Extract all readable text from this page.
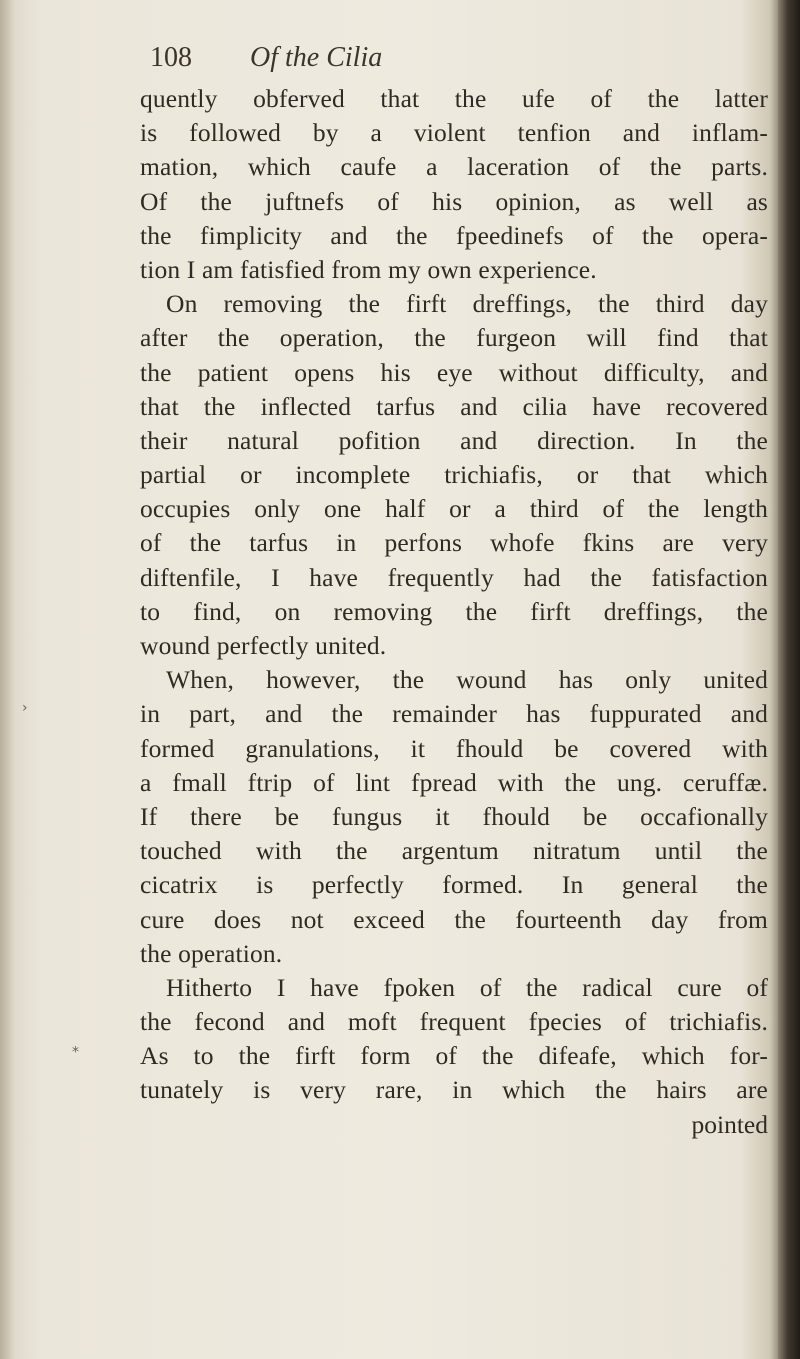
108 Of the Cilia
quently obferved that the ufe of the latter
is followed by a violent tenfion and inflam-
mation, which caufe a laceration of the parts.
Of the juftnefs of his opinion, as well as
the fimplicity and the fpeedinefs of the opera-
tion I am fatisfied from my own experience.
On removing the firft dreffings, the third day
after the operation, the furgeon will find that
the patient opens his eye without difficulty, and
that the inflected tarfus and cilia have recovered
their natural pofition and direction. In the
partial or incomplete trichiafis, or that which
occupies only one half or a third of the length
of the tarfus in perfons whofe fkins are very
diftenfile, I have frequently had the fatisfaction
to find, on removing the firft dreffings, the
wound perfectly united.
When, however, the wound has only united
in part, and the remainder has fuppurated and
formed granulations, it fhould be covered with
a fmall ftrip of lint fpread with the ung. ceruffæ.
If there be fungus it fhould be occafionally
touched with the argentum nitratum until the
cicatrix is perfectly formed. In general the
cure does not exceed the fourteenth day from
the operation.
Hitherto I have fpoken of the radical cure of
the fecond and moft frequent fpecies of trichiafis.
As to the firft form of the difeafe, which for-
tunately is very rare, in which the hairs are
pointed
›
⁎
